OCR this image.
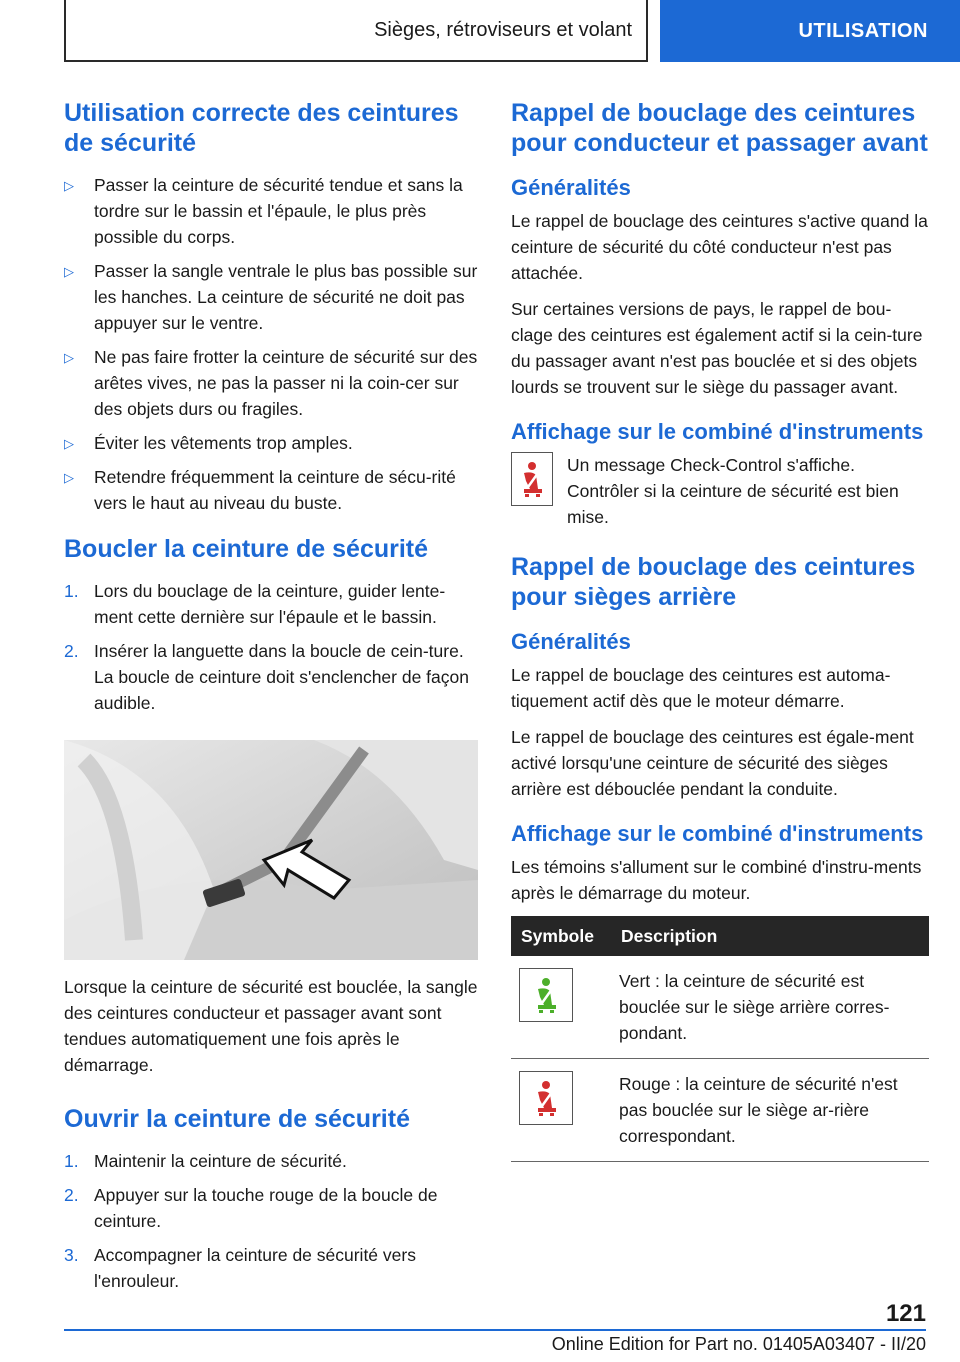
Sièges, rétroviseurs et volant	UTILISATION
Utilisation correcte des ceintures de sécurité
▷ Passer la ceinture de sécurité tendue et sans la tordre sur le bassin et l'épaule, le plus près possible du corps.
▷ Passer la sangle ventrale le plus bas possible sur les hanches. La ceinture de sécurité ne doit pas appuyer sur le ventre.
▷ Ne pas faire frotter la ceinture de sécurité sur des arêtes vives, ne pas la passer ni la coin‐cer sur des objets durs ou fragiles.
▷ Éviter les vêtements trop amples.
▷ Retendre fréquemment la ceinture de sécu‐rité vers le haut au niveau du buste.
Boucler la ceinture de sécurité
1. Lors du bouclage de la ceinture, guider lente‐ment cette dernière sur l'épaule et le bassin.
2. Insérer la languette dans la boucle de cein‐ture. La boucle de ceinture doit s'enclencher de façon audible.

Lorsque la ceinture de sécurité est bouclée, la sangle des ceintures conducteur et passager avant sont tendues automatiquement une fois après le démarrage.

Ouvrir la ceinture de sécurité
1. Maintenir la ceinture de sécurité.
2. Appuyer sur la touche rouge de la boucle de ceinture.
3. Accompagner la ceinture de sécurité vers l'enrouleur.
Rappel de bouclage des ceintures pour conducteur et passager avant
Généralités

Le rappel de bouclage des ceintures s'active quand la ceinture de sécurité du côté conducteur n'est pas attachée.

Sur certaines versions de pays, le rappel de bou‐clage des ceintures est également actif si la cein‐ture du passager avant n'est pas bouclée et si des objets lourds se trouvent sur le siège du passager avant.

Affichage sur le combiné d'instruments

Un message Check-Control s'affiche. Contrôler si la ceinture de sécurité est bien mise.

Rappel de bouclage des ceintures pour sièges arrière
Généralités

Le rappel de bouclage des ceintures est automa‐tiquement actif dès que le moteur démarre.

Le rappel de bouclage des ceintures est égale‐ment activé lorsqu'une ceinture de sécurité des sièges arrière est débouclée pendant la conduite.

Affichage sur le combiné d'instruments

Les témoins s'allument sur le combiné d'instru‐ments après le démarrage du moteur.

Symbole	Description

	Vert : la ceinture de sécurité est bouclée sur le siège arrière corres‐pondant.

	Rouge : la ceinture de sécurité n'est pas bouclée sur le siège ar‐rière correspondant.
121
Online Edition for Part no. 01405A03407 - II/20
